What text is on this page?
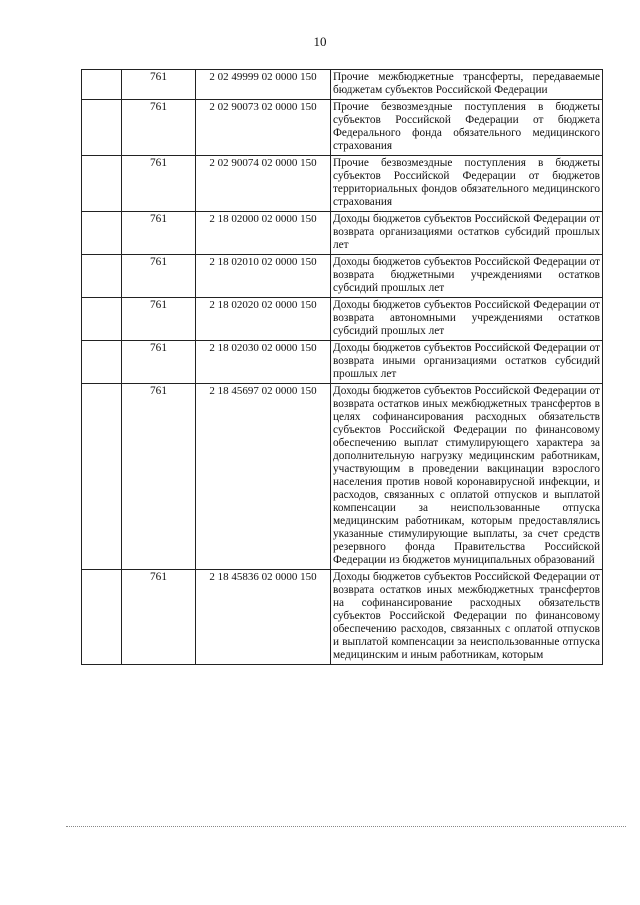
10
	761	2 02 49999 02 0000 150	Прочие межбюджетные трансферты, передаваемые бюджетам субъектов Российской Федерации
	761	2 02 90073 02 0000 150	Прочие безвозмездные поступления в бюджеты субъектов Российской Федерации от бюджета Федерального фонда обязательного медицинского страхования
	761	2 02 90074 02 0000 150	Прочие безвозмездные поступления в бюджеты субъектов Российской Федерации от бюджетов территориальных фондов обязательного медицинского страхования
	761	2 18 02000 02 0000 150	Доходы бюджетов субъектов Российской Федерации от возврата организациями остатков субсидий прошлых лет
	761	2 18 02010 02 0000 150	Доходы бюджетов субъектов Российской Федерации от возврата бюджетными учреждениями остатков субсидий прошлых лет
	761	2 18 02020 02 0000 150	Доходы бюджетов субъектов Российской Федерации от возврата автономными учреждениями остатков субсидий прошлых лет
	761	2 18 02030 02 0000 150	Доходы бюджетов субъектов Российской Федерации от возврата иными организациями остатков субсидий прошлых лет
	761	2 18 45697 02 0000 150	Доходы бюджетов субъектов Российской Федерации от возврата остатков иных межбюджетных трансфертов в целях софинансирования расходных обязательств субъектов Российской Федерации по финансовому обеспечению выплат стимулирующего характера за дополнительную нагрузку медицинским работникам, участвующим в проведении вакцинации взрослого населения против новой коронавирусной инфекции, и расходов, связанных с оплатой отпусков и выплатой компенсации за неиспользованные отпуска медицинским работникам, которым предоставлялись указанные стимулирующие выплаты, за счет средств резервного фонда Правительства Российской Федерации из бюджетов муниципальных образований
	761	2 18 45836 02 0000 150	Доходы бюджетов субъектов Российской Федерации от возврата остатков иных межбюджетных трансфертов на софинансирование расходных обязательств субъектов Российской Федерации по финансовому обеспечению расходов, связанных с оплатой отпусков и выплатой компенсации за неиспользованные отпуска медицинским и иным работникам, которым
